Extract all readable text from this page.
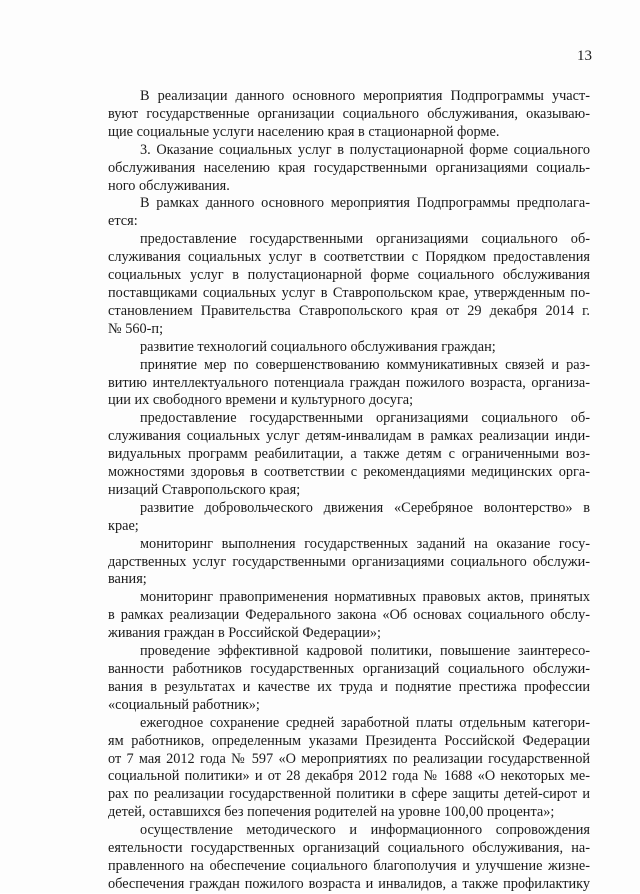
13
В реализации данного основного мероприятия Подпрограммы участ-
вуют государственные организации социального обслуживания, оказываю-
щие социальные услуги населению края в стационарной форме.
3. Оказание социальных услуг в полустационарной форме социального
обслуживания населению края государственными организациями социаль-
ного обслуживания.
В рамках данного основного мероприятия Подпрограммы предполага-
ется:
предоставление государственными организациями социального об-
служивания социальных услуг в соответствии с Порядком предоставления
социальных услуг в полустационарной форме социального обслуживания
поставщиками социальных услуг в Ставропольском крае, утвержденным по-
становлением Правительства Ставропольского края от 29 декабря 2014 г.
№ 560-п;
развитие технологий социального обслуживания граждан;
принятие мер по совершенствованию коммуникативных связей и раз-
витию интеллектуального потенциала граждан пожилого возраста, организа-
ции их свободного времени и культурного досуга;
предоставление государственными организациями социального об-
служивания социальных услуг детям-инвалидам в рамках реализации инди-
видуальных программ реабилитации, а также детям с ограниченными воз-
можностями здоровья в соответствии с рекомендациями медицинских орга-
низаций Ставропольского края;
развитие добровольческого движения «Серебряное волонтерство» в
крае;
мониторинг выполнения государственных заданий на оказание госу-
дарственных услуг государственными организациями социального обслужи-
вания;
мониторинг правоприменения нормативных правовых актов, принятых
в рамках реализации Федерального закона «Об основах социального обслу-
живания граждан в Российской Федерации»;
проведение эффективной кадровой политики, повышение заинтересо-
ванности работников государственных организаций социального обслужи-
вания в результатах и качестве их труда и поднятие престижа профессии
«социальный работник»;
ежегодное сохранение средней заработной платы отдельным категори-
ям работников, определенным указами Президента Российской Федерации
от 7 мая 2012 года № 597 «О мероприятиях по реализации государственной
социальной политики» и от 28 декабря 2012 года № 1688 «О некоторых ме-
рах по реализации государственной политики в сфере защиты детей-сирот и
детей, оставшихся без попечения родителей на уровне 100,00 процента»;
осуществление методического и информационного сопровождения
еятельности государственных организаций социального обслуживания, на-
правленного на обеспечение социального благополучия и улучшение жизне-
обеспечения граждан пожилого возраста и инвалидов, а также профилактику
